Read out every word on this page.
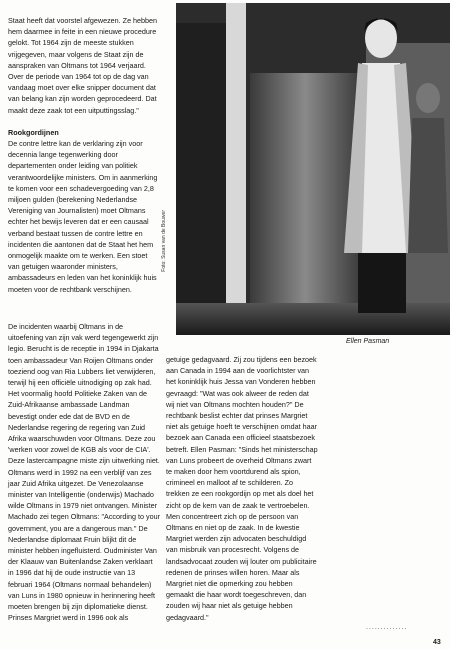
Staat heeft dat voorstel afgewezen. Ze hebben hem daarmee in feite in een nieuwe procedure gelokt. Tot 1964 zijn de meeste stukken vrijgegeven, maar volgens de Staat zijn de aanspraken van Oltmans tot 1964 verjaard. Over de periode van 1964 tot op de dag van vandaag moet over elke snipper document dat van belang kan zijn worden geprocedeerd. Dat maakt deze zaak tot een uitputtingsslag."

Rookgordijnen

De contre lettre kan de verklaring zijn voor decennia lange tegenwerking door departementen onder leiding van politiek verantwoordelijke ministers. Om in aanmerking te komen voor een schadevergoeding van 2,8 miljoen gulden (berekening Nederlandse Vereniging van Journalisten) moet Oltmans echter het bewijs leveren dat er een causaal verband bestaat tussen de contre lettre en incidenten die aantonen dat de Staat het hem onmogelijk maakte om te werken. Een stoet van getuigen waaronder ministers, ambassadeurs en leden van het koninklijk huis moeten voor de rechtbank verschijnen.

Foto: Susan van de Bouwer
Ellen Pasman

De incidenten waarbij Oltmans in de uitoefening van zijn vak werd tegengewerkt zijn legio. Berucht is de receptie in 1994 in Djakarta toen ambassadeur Van Roijen Oltmans onder toeziend oog van Ria Lubbers liet verwijderen, terwijl hij een officiële uitnodiging op zak had. Het voormalig hoofd Politieke Zaken van de Zuid-Afrikaanse ambassade Landman bevestigt onder ede dat de BVD en de Nederlandse regering de regering van Zuid Afrika waarschuwden voor Oltmans. Deze zou 'werken voor zowel de KGB als voor de CIA'. Deze lastercampagne miste zijn uitwerking niet. Oltmans werd in 1992 na een verblijf van zes jaar Zuid Afrika uitgezet. De Venezolaanse minister van Intelligentie (onderwijs) Machado wilde Oltmans in 1979 niet ontvangen. Minister Machado zei tegen Oltmans: "According to your government, you are a dangerous man." De Nederlandse diplomaat Fruin blijkt dit de minister hebben ingefluisterd. Oudminister Van der Klaauw van Buitenlandse Zaken verklaart in 1996 dat hij de oude instructie van 13 februari 1964 (Oltmans normaal behandelen) van Luns in 1980 opnieuw in herinnering heeft moeten brengen bij zijn diplomatieke dienst. Prinses Margriet werd in 1996 ook als

getuige gedagvaard. Zij zou tijdens een bezoek aan Canada in 1994 aan de voorlichtster van het koninklijk huis Jessa van Vonderen hebben gevraagd: "Wat was ook alweer de reden dat wij niet van Oltmans mochten houden?" De rechtbank beslist echter dat prinses Margriet niet als getuige hoeft te verschijnen omdat haar bezoek aan Canada een officieel staatsbezoek betreft. Ellen Pasman: "Sinds het ministerschap van Luns probeert de overheid Oltmans zwart te maken door hem voortdurend als spion, crimineel en malloot af te schilderen. Zo trekken ze een rookgordijn op met als doel het zicht op de kern van de zaak te vertroebelen. Men concentreert zich op de persoon van Oltmans en niet op de zaak. In de kwestie Margriet werden zijn advocaten beschuldigd van misbruik van procesrecht. Volgens de landsadvocaat zouden wij louter om publicitaire redenen de prinses willen horen. Maar als Margriet niet die opmerking zou hebben gemaakt die haar wordt toegeschreven, dan zouden wij haar niet als getuige hebben gedagvaard."

..............
43
